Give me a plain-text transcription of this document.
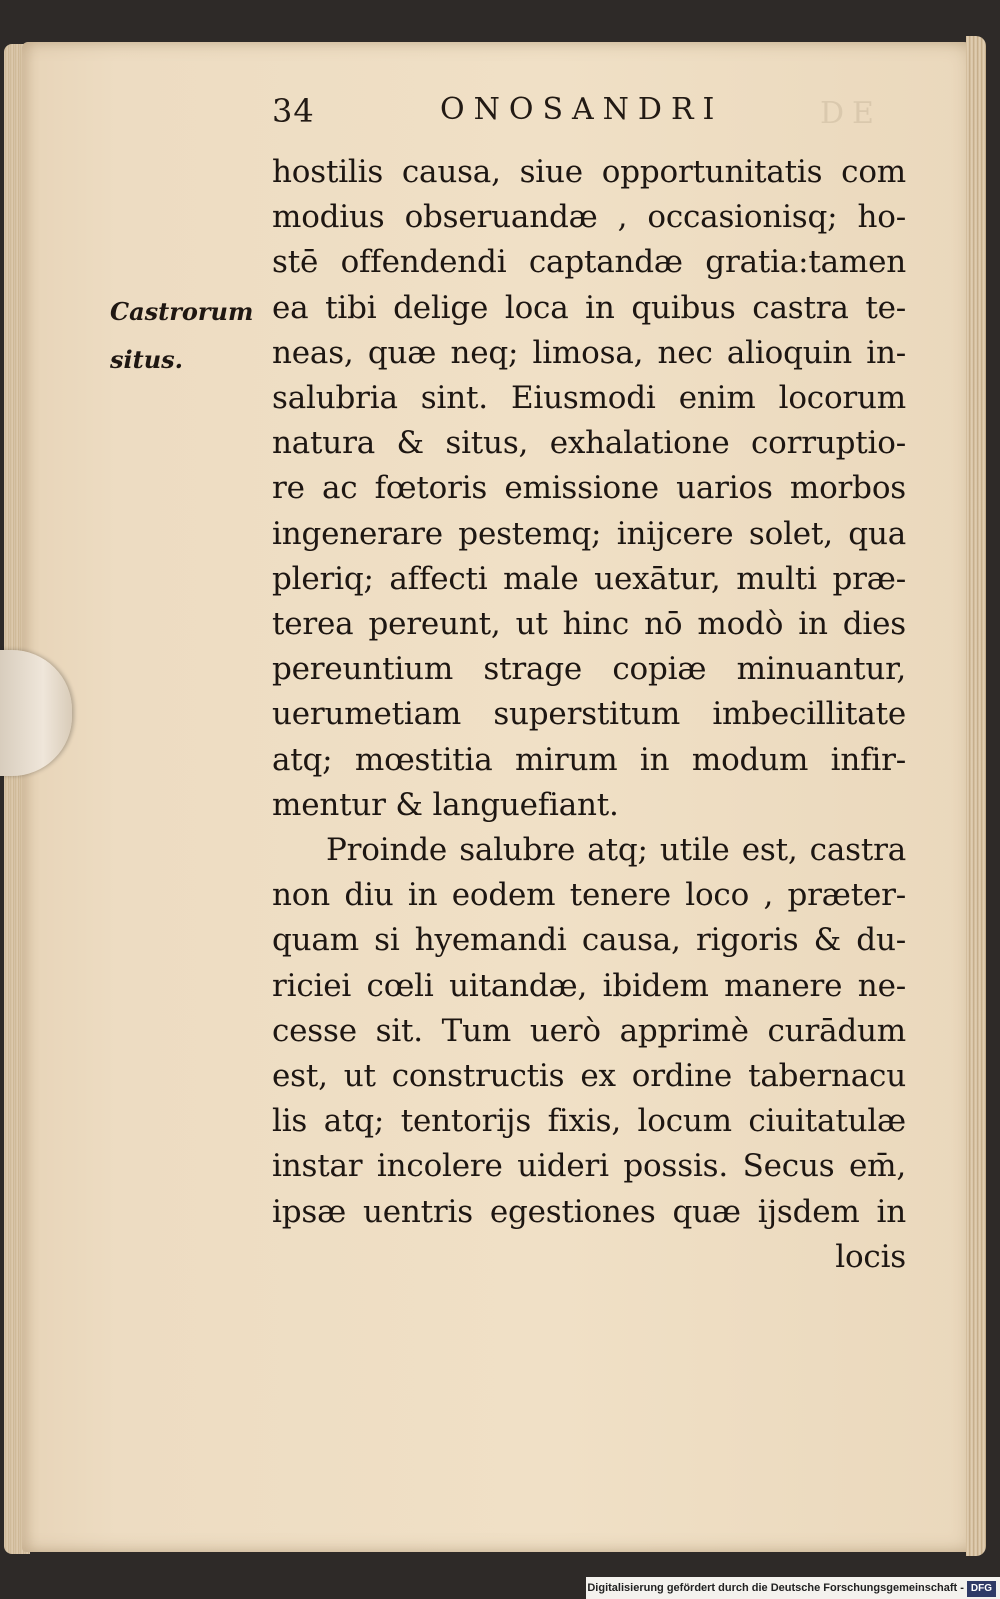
34	ONOSANDRI
Castrorum
situs.
hostilis causa, siue opportunitatis com
modius obseruandæ , occasionisq; ho-
stē offendendi captandæ gratia:tamen
ea tibi delige loca in quibus castra te-
neas, quæ neq; limosa, nec alioquin in-
salubria sint. Eiusmodi enim locorum
natura & situs, exhalatione corruptio-
re ac fœtoris emissione uarios morbos
ingenerare pestemq; inijcere solet, qua
pleriq; affecti male uexātur, multi præ-
terea pereunt, ut hinc nō modò in dies
pereuntium strage copiæ minuantur,
uerumetiam superstitum imbecillitate
atq; mœstitia mirum in modum infir-
mentur & languefiant.
Proinde salubre atq; utile est, castra
non diu in eodem tenere loco , præter-
quam si hyemandi causa, rigoris & du-
riciei cœli uitandæ, ibidem manere ne-
cesse sit. Tum uerò apprimè curādum
est, ut constructis ex ordine tabernacu
lis atq; tentorijs fixis, locum ciuitatulæ
instar incolere uideri possis. Secus em̄,
ipsæ uentris egestiones quæ ijsdem in
locis
DE
Digitalisierung gefördert durch die Deutsche Forschungsgemeinschaft - DFG
